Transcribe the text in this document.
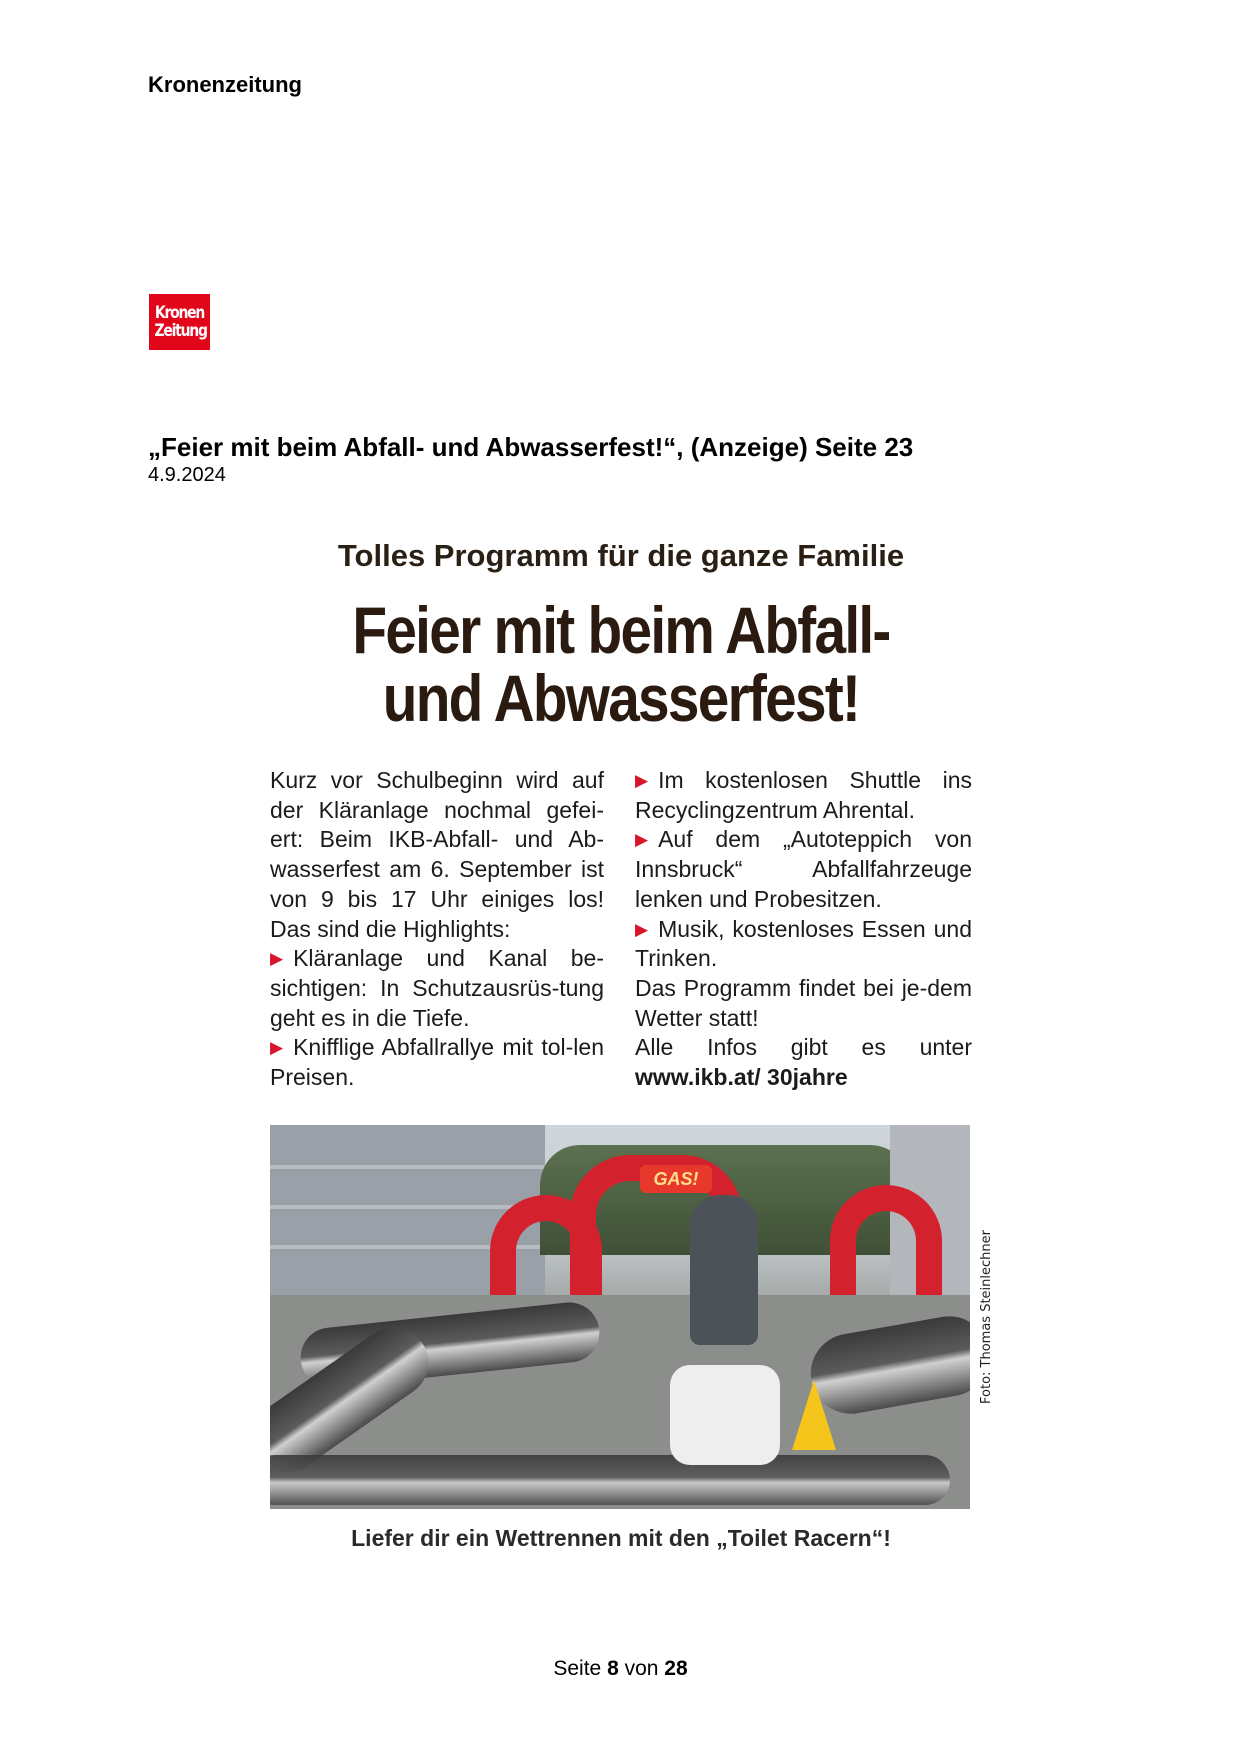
Kronenzeitung
Kronen
Zeitung
„Feier mit beim Abfall- und Abwasserfest!“, (Anzeige) Seite 23
4.9.2024
Tolles Programm für die ganze Familie
Feier mit beim Abfall-
und Abwasserfest!

Kurz vor Schulbeginn wird auf der Kläranlage nochmal gefei-ert: Beim IKB-Abfall- und Ab-wasserfest am 6. September ist von 9 bis 17 Uhr einiges los! Das sind die Highlights:

▶ Kläranlage und Kanal be-sichtigen: In Schutzausrüs-tung geht es in die Tiefe.

▶ Knifflige Abfallrallye mit tol-len Preisen.

▶ Im kostenlosen Shuttle ins Recyclingzentrum Ahrental.

▶ Auf dem „Autoteppich von Innsbruck“ Abfallfahrzeuge lenken und Probesitzen.

▶ Musik, kostenloses Essen und Trinken.

Das Programm findet bei je-dem Wetter statt!

Alle Infos gibt es unter

www.ikb.at/ 30jahre

GAS!
Foto: Thomas Steinlechner
Liefer dir ein Wettrennen mit den „Toilet Racern“!
Seite 8 von 28
